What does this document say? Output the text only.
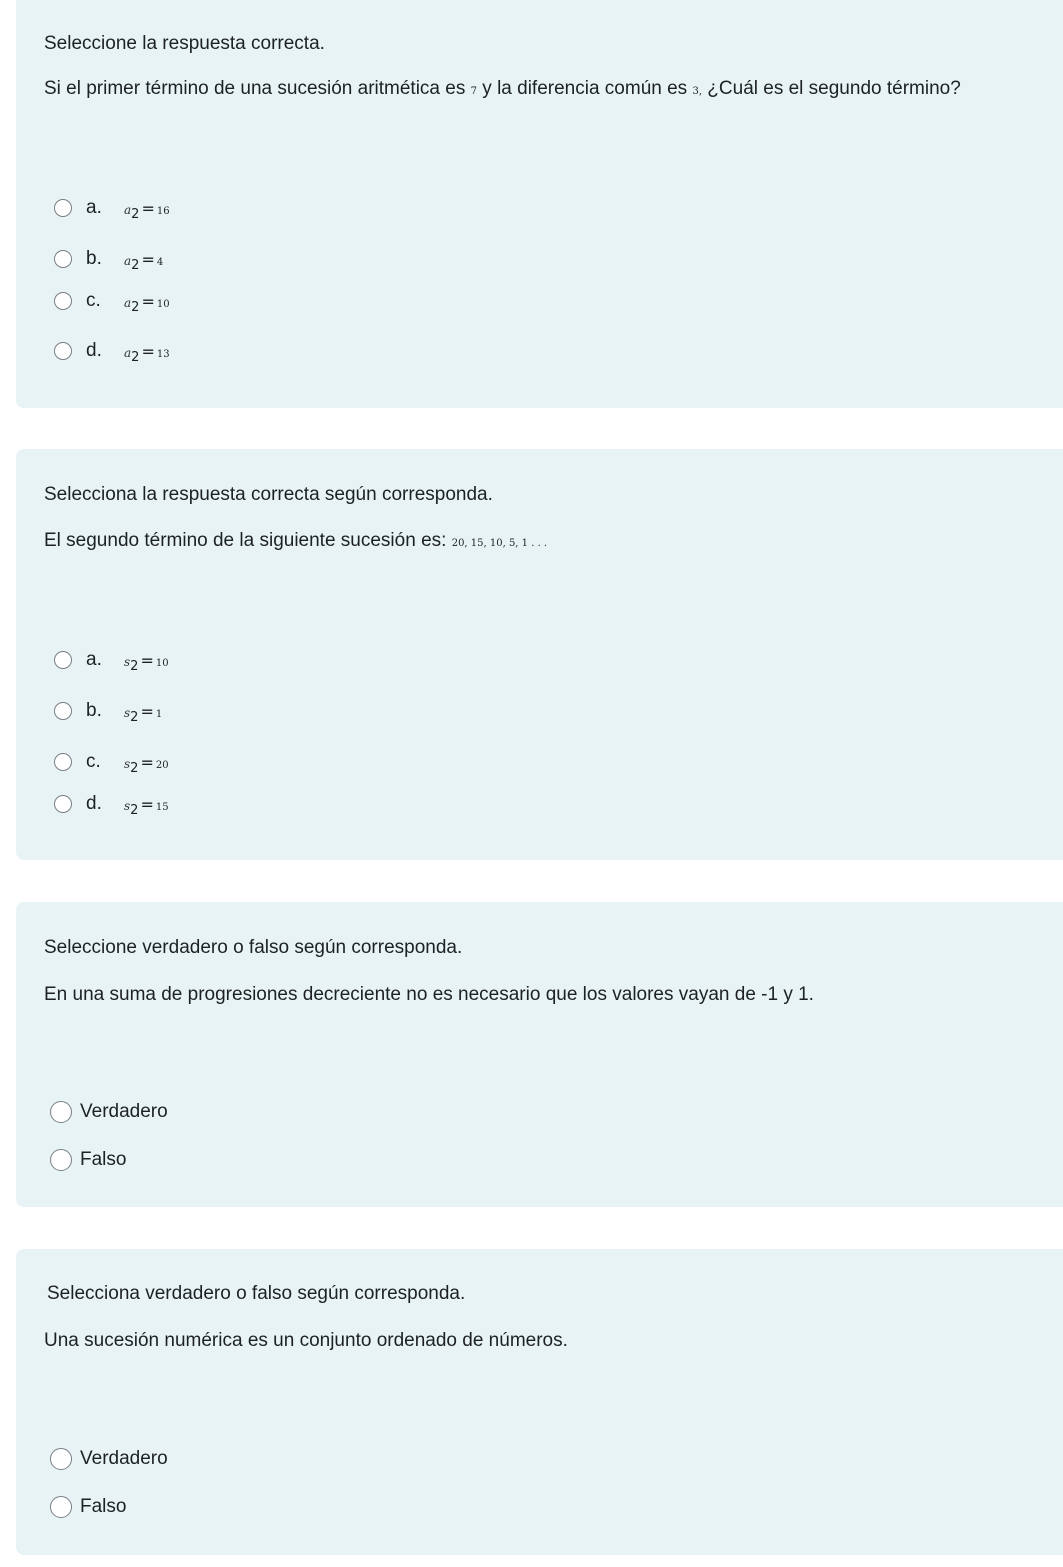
Seleccione la respuesta correcta.

Si el primer término de una sucesión aritmética es 7 y la diferencia común es 3, ¿Cuál es el segundo término?

a.	a 2 = 16
b.	a 2 = 4
c.	a 2 = 10
d.	a 2 = 13

Selecciona la respuesta correcta según corresponda.

El segundo término de la siguiente sucesión es: 20, 15, 10, 5, 1 . . .

a.	s 2 = 10
b.	s 2 = 1
c.	s 2 = 20
d.	s 2 = 15

Seleccione verdadero o falso según corresponda.

En una suma de progresiones decreciente no es necesario que los valores vayan de -1 y 1.

Verdadero
Falso

Selecciona verdadero o falso según corresponda.

Una sucesión numérica es un conjunto ordenado de números.

Verdadero
Falso
